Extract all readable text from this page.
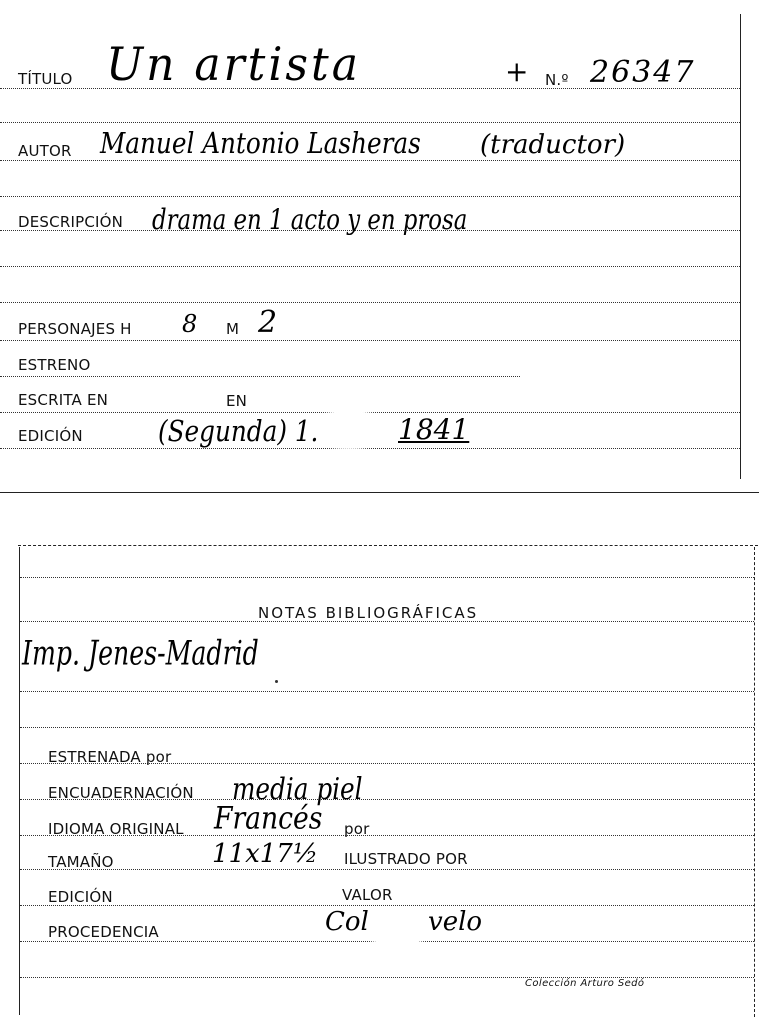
TÍTULO Un artista	+ N.º 26347
AUTOR Manuel Antonio Lasheras (traductor)
DESCRIPCIÓN drama en 1 acto y en prosa
PERSONAJES H 8 M 2
ESTRENO
ESCRITA EN	EN
EDICIÓN	(Segunda) 1.	1841
NOTAS BIBLIOGRÁFICAS
Imp. Jenes-Madrid
ESTRENADA por
ENCUADERNACIÓN media piel
IDIOMA ORIGINAL Francés por
TAMAÑO	11x17½ ILUSTRADO POR
EDICIÓN	VALOR
PROCEDENCIA	Col velo
Colección Arturo Sedó
